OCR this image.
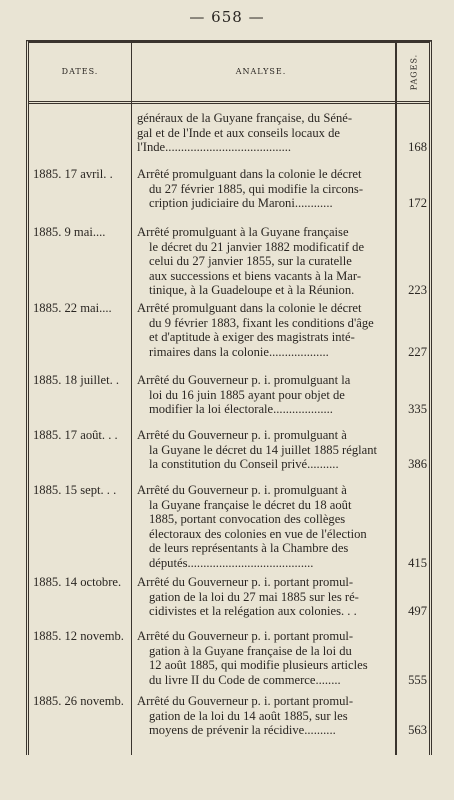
— 658 —
DATES.	ANALYSE.	PAGES.
généraux de la Guyane française, du Séné-
gal et de l'Inde et aux conseils locaux de
l'Inde........................................	168
1885. 17 avril. .	Arrêté promulguant dans la colonie le décret
du 27 février 1885, qui modifie la circons-
cription judiciaire du Maroni............	172
1885. 9 mai....	Arrêté promulguant à la Guyane française
le décret du 21 janvier 1882 modificatif de
celui du 27 janvier 1855, sur la curatelle
aux successions et biens vacants à la Mar-
tinique, à la Guadeloupe et à la Réunion.	223
1885. 22 mai....	Arrêté promulguant dans la colonie le décret
du 9 février 1883, fixant les conditions d'âge
et d'aptitude à exiger des magistrats inté-
rimaires dans la colonie...................	227
1885. 18 juillet. .	Arrêté du Gouverneur p. i. promulguant la
loi du 16 juin 1885 ayant pour objet de
modifier la loi électorale...................	335
1885. 17 août. . .	Arrêté du Gouverneur p. i. promulguant à
la Guyane le décret du 14 juillet 1885 réglant
la constitution du Conseil privé..........	386
1885. 15 sept. . .	Arrêté du Gouverneur p. i. promulguant à
la Guyane française le décret du 18 août
1885, portant convocation des collèges
électoraux des colonies en vue de l'élection
de leurs représentants à la Chambre des
députés........................................	415
1885. 14 octobre.	Arrêté du Gouverneur p. i. portant promul-
gation de la loi du 27 mai 1885 sur les ré-
cidivistes et la relégation aux colonies. . .	497
1885. 12 novemb.	Arrêté du Gouverneur p. i. portant promul-
gation à la Guyane française de la loi du
12 août 1885, qui modifie plusieurs articles
du livre II du Code de commerce........	555
1885. 26 novemb.	Arrêté du Gouverneur p. i. portant promul-
gation de la loi du 14 août 1885, sur les
moyens de prévenir la récidive..........	563
